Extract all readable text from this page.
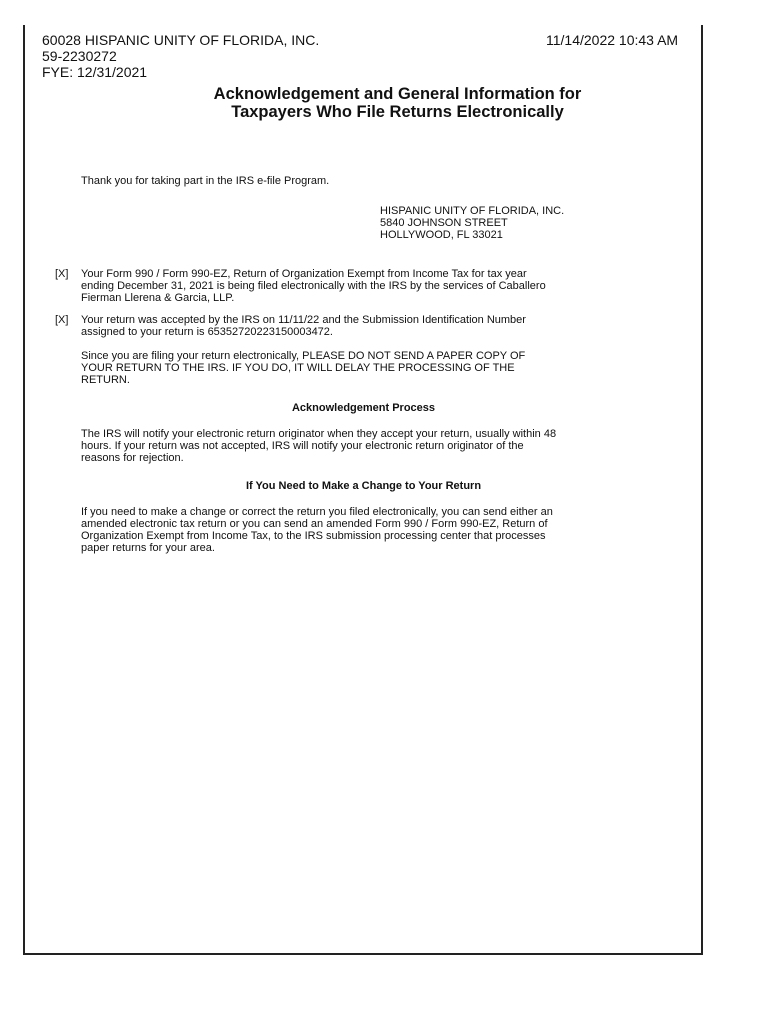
60028 HISPANIC UNITY OF FLORIDA, INC.
59-2230272
FYE: 12/31/2021
11/14/2022 10:43 AM
Acknowledgement and General Information for
Taxpayers Who File Returns Electronically
Thank you for taking part in the IRS e-file Program.
HISPANIC UNITY OF FLORIDA, INC.
5840 JOHNSON STREET
HOLLYWOOD, FL 33021
[X] Your Form 990 / Form 990-EZ, Return of Organization Exempt from Income Tax for tax year
ending December 31, 2021 is being filed electronically with the IRS by the services of Caballero
Fierman Llerena & Garcia, LLP.
[X] Your return was accepted by the IRS on 11/11/22 and the Submission Identification Number
assigned to your return is 65352720223150003472.
Since you are filing your return electronically, PLEASE DO NOT SEND A PAPER COPY OF
YOUR RETURN TO THE IRS. IF YOU DO, IT WILL DELAY THE PROCESSING OF THE
RETURN.
Acknowledgement Process
The IRS will notify your electronic return originator when they accept your return, usually within 48
hours. If your return was not accepted, IRS will notify your electronic return originator of the
reasons for rejection.
If You Need to Make a Change to Your Return
If you need to make a change or correct the return you filed electronically, you can send either an
amended electronic tax return or you can send an amended Form 990 / Form 990-EZ, Return of
Organization Exempt from Income Tax, to the IRS submission processing center that processes
paper returns for your area.
